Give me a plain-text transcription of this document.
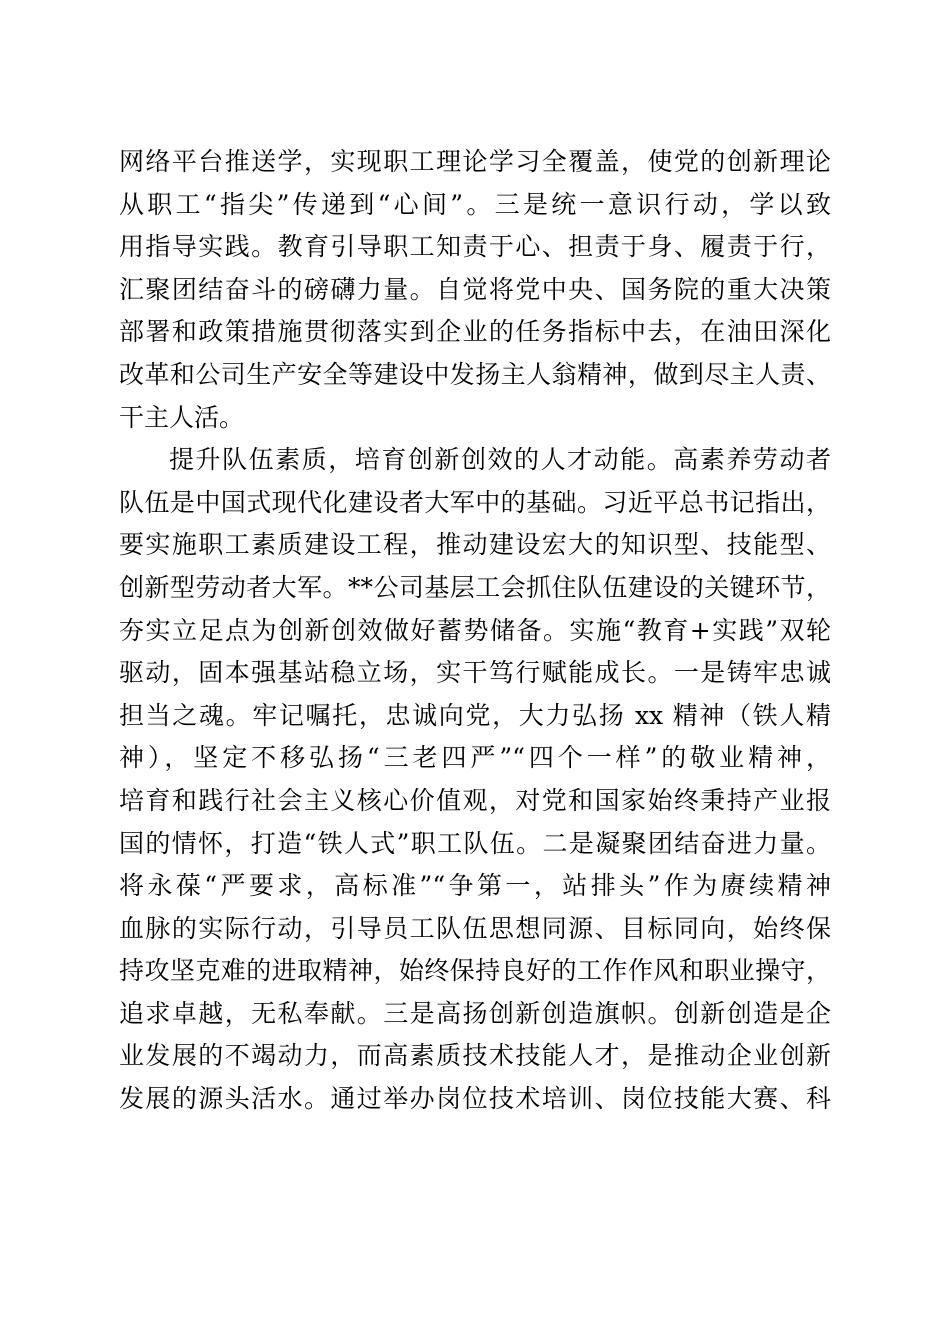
网络平台推送学，实现职工理论学习全覆盖，使党的创新理论
从职工“指尖”传递到“心间”。三是统一意识行动，学以致
用指导实践。教育引导职工知责于心、担责于身、履责于行，
汇聚团结奋斗的磅礴力量。自觉将党中央、国务院的重大决策
部署和政策措施贯彻落实到企业的任务指标中去，在油田深化
改革和公司生产安全等建设中发扬主人翁精神，做到尽主人责、
干主人活。
提升队伍素质，培育创新创效的人才动能。高素养劳动者
队伍是中国式现代化建设者大军中的基础。习近平总书记指出，
要实施职工素质建设工程，推动建设宏大的知识型、技能型、
创新型劳动者大军。**公司基层工会抓住队伍建设的关键环节，
夯实立足点为创新创效做好蓄势储备。实施“教育+实践”双轮
驱动，固本强基站稳立场，实干笃行赋能成长。一是铸牢忠诚
担当之魂。牢记嘱托，忠诚向党，大力弘扬 xx 精神（铁人精
神），坚定不移弘扬“三老四严”“四个一样”的敬业精神，
培育和践行社会主义核心价值观，对党和国家始终秉持产业报
国的情怀，打造“铁人式”职工队伍。二是凝聚团结奋进力量。
将永葆“严要求，高标准”“争第一，站排头”作为赓续精神
血脉的实际行动，引导员工队伍思想同源、目标同向，始终保
持攻坚克难的进取精神，始终保持良好的工作作风和职业操守，
追求卓越，无私奉献。三是高扬创新创造旗帜。创新创造是企
业发展的不竭动力，而高素质技术技能人才，是推动企业创新
发展的源头活水。通过举办岗位技术培训、岗位技能大赛、科
